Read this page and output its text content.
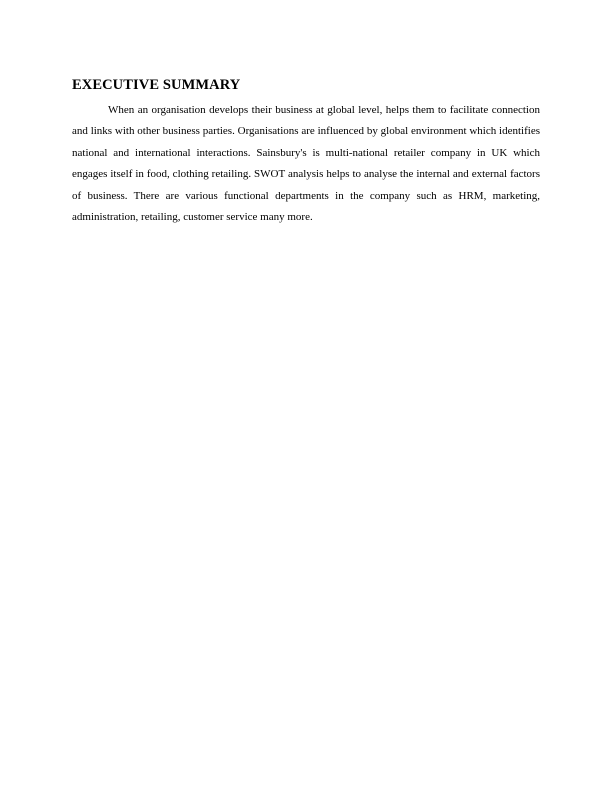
EXECUTIVE SUMMARY

When an organisation develops their business at global level, helps them to facilitate connection and links with other business parties. Organisations are influenced by global environment which identifies national and international interactions. Sainsbury's is multi-national retailer company in UK which engages itself in food, clothing retailing. SWOT analysis helps to analyse the internal and external factors of business. There are various functional departments in the company such as HRM, marketing, administration, retailing, customer service many more.
